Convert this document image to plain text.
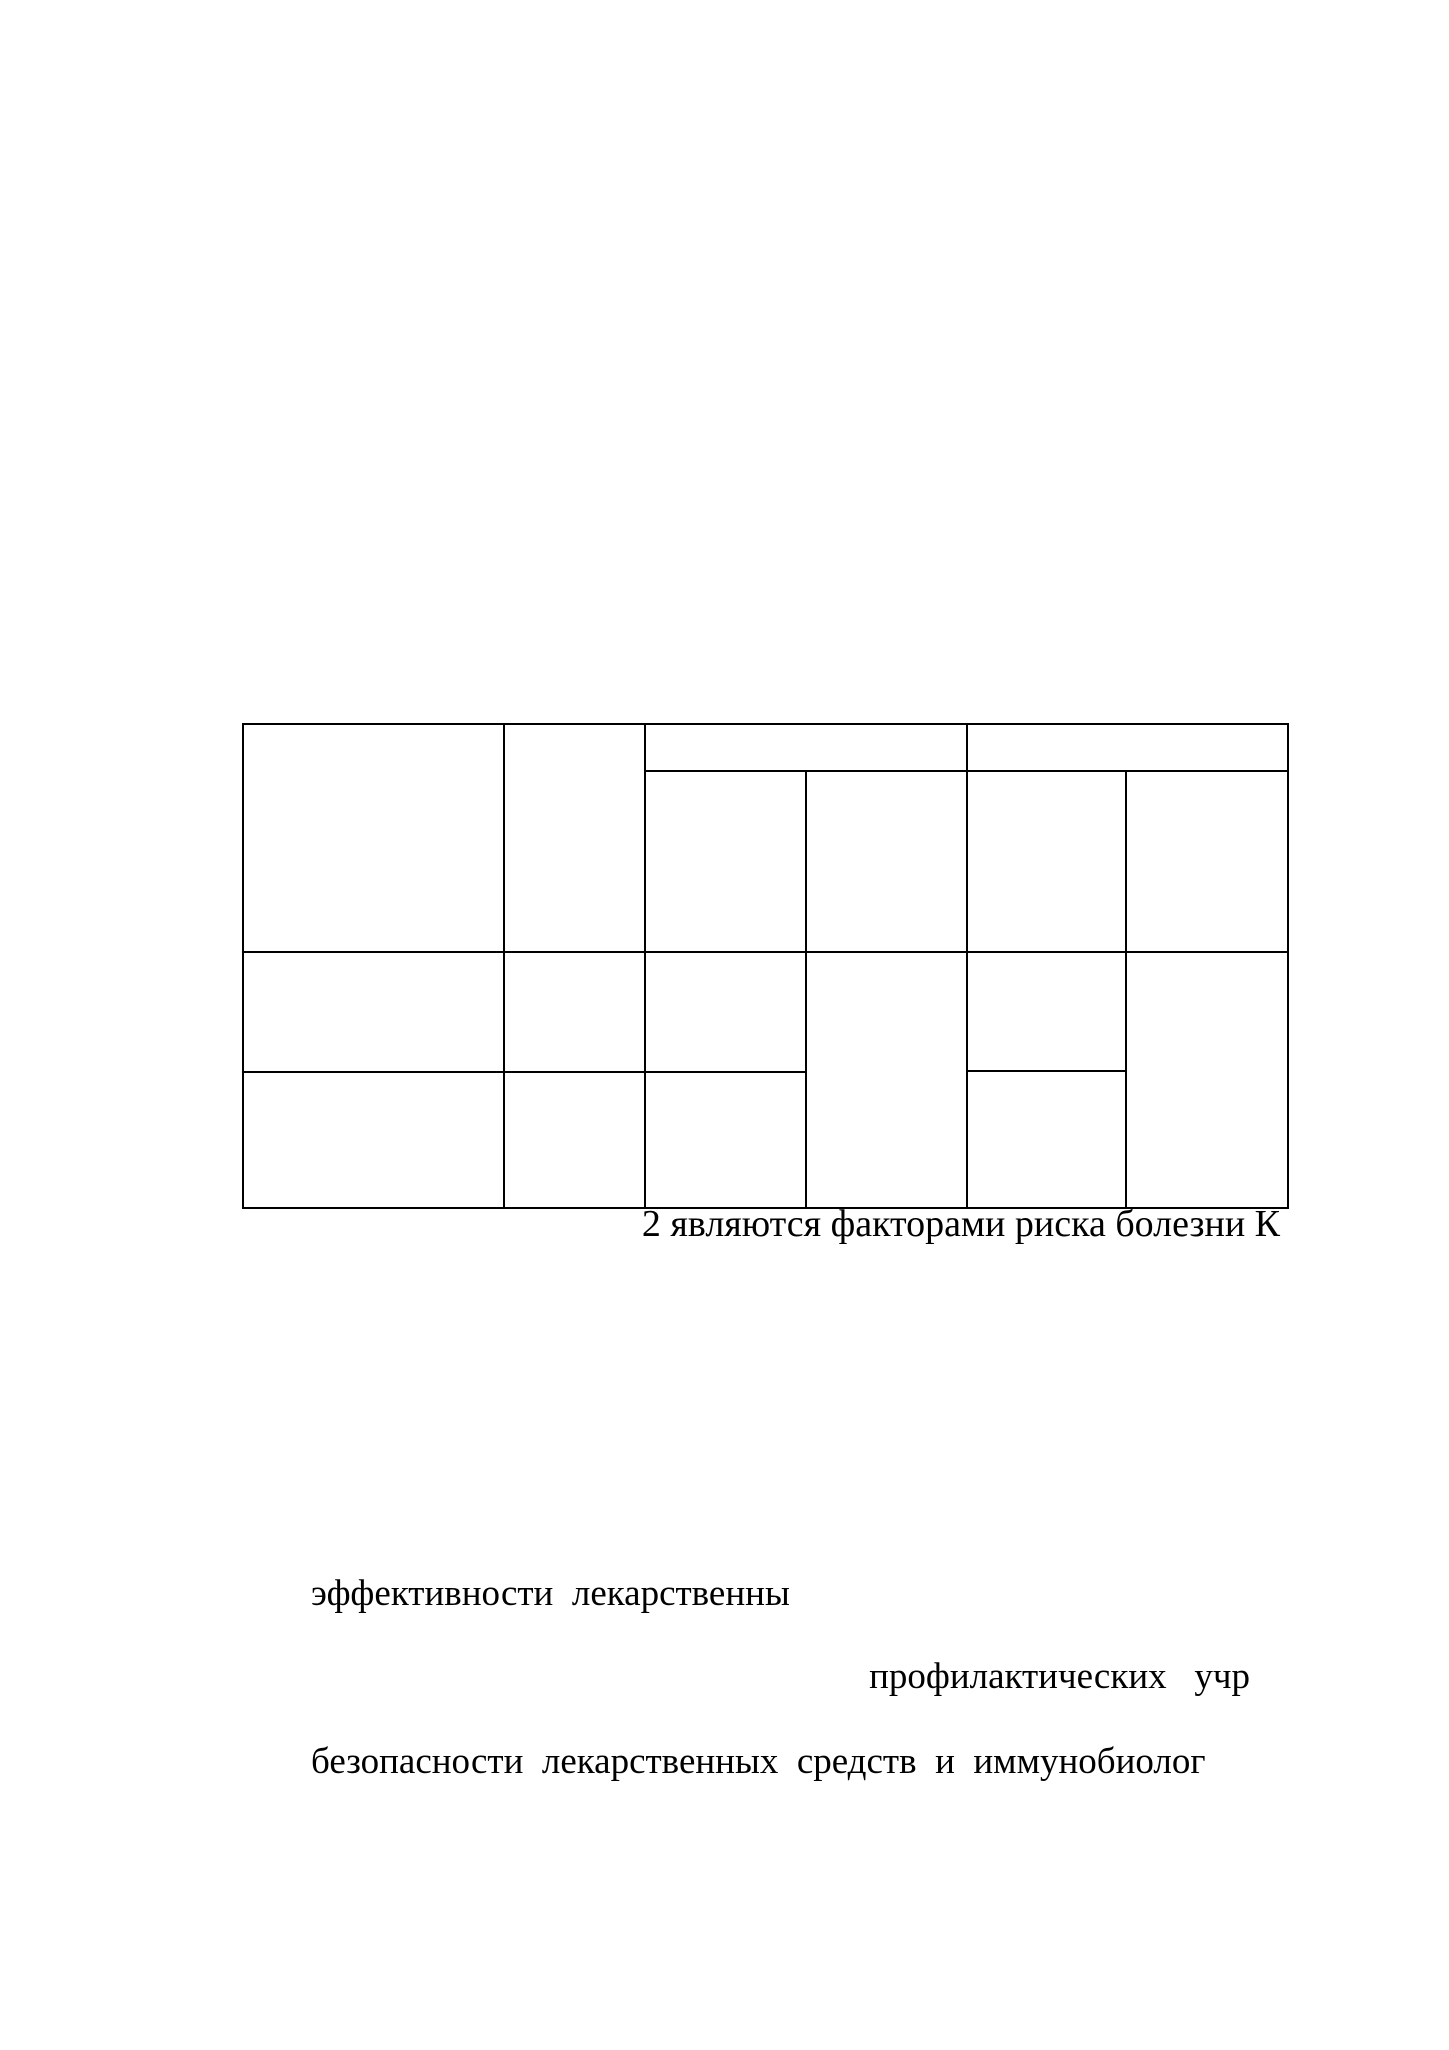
2 являются факторами риска болезни К
эффективности  лекарственны
профилактических   учр
безопасности  лекарственных  средств  и  иммунобиолог
